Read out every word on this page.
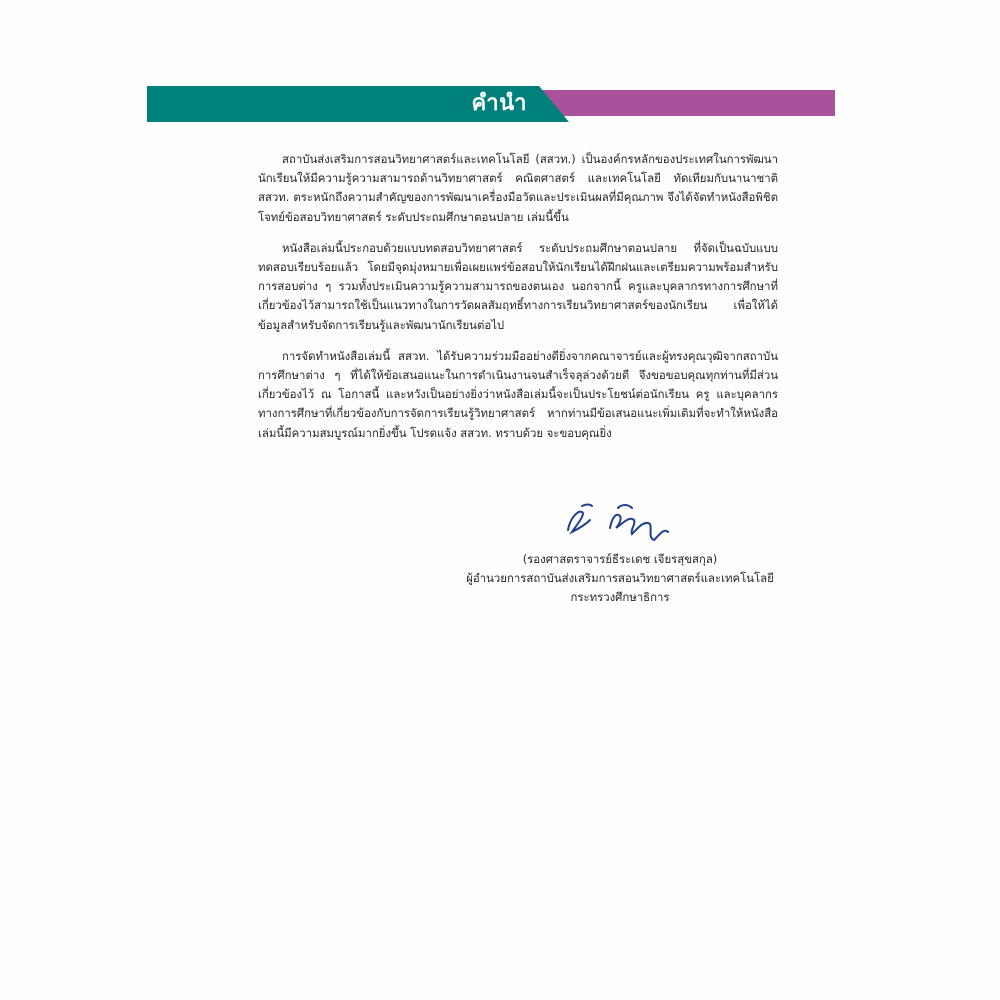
คำนำ

สถาบันส่งเสริมการสอนวิทยาศาสตร์และเทคโนโลยี (สสวท.) เป็นองค์กรหลักของประเทศในการพัฒนานักเรียนให้มีความรู้ความสามารถด้านวิทยาศาสตร์ คณิตศาสตร์ และเทคโนโลยี ทัดเทียมกับนานาชาติ สสวท. ตระหนักถึงความสำคัญของการพัฒนาเครื่องมือวัดและประเมินผลที่มีคุณภาพ จึงได้จัดทำหนังสือพิชิตโจทย์ข้อสอบวิทยาศาสตร์ ระดับประถมศึกษาตอนปลาย เล่มนี้ขึ้น

หนังสือเล่มนี้ประกอบด้วยแบบทดสอบวิทยาศาสตร์ ระดับประถมศึกษาตอนปลาย ที่จัดเป็นฉบับแบบทดสอบเรียบร้อยแล้ว โดยมีจุดมุ่งหมายเพื่อเผยแพร่ข้อสอบให้นักเรียนได้ฝึกฝนและเตรียมความพร้อมสำหรับการสอบต่าง ๆ รวมทั้งประเมินความรู้ความสามารถของตนเอง นอกจากนี้ ครูและบุคลากรทางการศึกษาที่เกี่ยวข้องไว้สามารถใช้เป็นแนวทางในการวัดผลสัมฤทธิ์ทางการเรียนวิทยาศาสตร์ของนักเรียน เพื่อให้ได้ข้อมูลสำหรับจัดการเรียนรู้และพัฒนานักเรียนต่อไป

การจัดทำหนังสือเล่มนี้ สสวท. ได้รับความร่วมมืออย่างดียิ่งจากคณาจารย์และผู้ทรงคุณวุฒิจากสถาบันการศึกษาต่าง ๆ ที่ได้ให้ข้อเสนอแนะในการดำเนินงานจนสำเร็จลุล่วงด้วยดี จึงขอขอบคุณทุกท่านที่มีส่วนเกี่ยวข้องไว้ ณ โอกาสนี้ และหวังเป็นอย่างยิ่งว่าหนังสือเล่มนี้จะเป็นประโยชน์ต่อนักเรียน ครู และบุคลากรทางการศึกษาที่เกี่ยวข้องกับการจัดการเรียนรู้วิทยาศาสตร์ หากท่านมีข้อเสนอแนะเพิ่มเติมที่จะทำให้หนังสือเล่มนี้มีความสมบูรณ์มากยิ่งขึ้น โปรดแจ้ง สสวท. ทราบด้วย จะขอบคุณยิ่ง

(รองศาสตราจารย์ธีระเดช เจียรสุขสกุล)
ผู้อำนวยการสถาบันส่งเสริมการสอนวิทยาศาสตร์และเทคโนโลยี
กระทรวงศึกษาธิการ
